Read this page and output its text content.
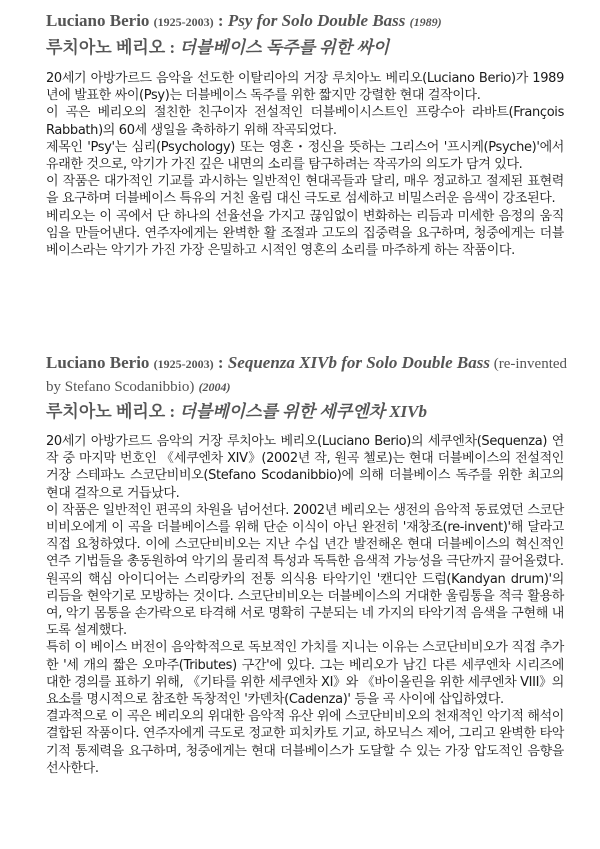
Luciano Berio (1925-2003) : Psy for Solo Double Bass (1989)
루치아노 베리오 : 더블베이스 독주를 위한 싸이

20세기 아방가르드 음악을 선도한 이탈리아의 거장 루치아노 베리오(Luciano Berio)가 1989년에 발표한 싸이(Psy)는 더블베이스 독주를 위한 짧지만 강렬한 현대 걸작이다.

이 곡은 베리오의 절친한 친구이자 전설적인 더블베이시스트인 프랑수아 라바트(François Rabbath)의 60세 생일을 축하하기 위해 작곡되었다.

제목인 'Psy'는 심리(Psychology) 또는 영혼・정신을 뜻하는 그리스어 '프시케(Psyche)'에서 유래한 것으로, 악기가 가진 깊은 내면의 소리를 탐구하려는 작곡가의 의도가 담겨 있다.

이 작품은 대가적인 기교를 과시하는 일반적인 현대곡들과 달리, 매우 정교하고 절제된 표현력을 요구하며 더블베이스 특유의 거친 울림 대신 극도로 섬세하고 비밀스러운 음색이 강조된다.

베리오는 이 곡에서 단 하나의 선율선을 가지고 끊임없이 변화하는 리듬과 미세한 음정의 움직임을 만들어낸다. 연주자에게는 완벽한 활 조절과 고도의 집중력을 요구하며, 청중에게는 더블베이스라는 악기가 가진 가장 은밀하고 시적인 영혼의 소리를 마주하게 하는 작품이다.

Luciano Berio (1925-2003) : Sequenza XIVb for Solo Double Bass (re-invented by Stefano Scodanibbio) (2004)
루치아노 베리오 : 더블베이스를 위한 세쿠엔차 XIVb

20세기 아방가르드 음악의 거장 루치아노 베리오(Luciano Berio)의 세쿠엔차(Sequenza) 연작 중 마지막 번호인 《세쿠엔차 XIV》(2002년 작, 원곡 첼로)는 현대 더블베이스의 전설적인 거장 스테파노 스코단비비오(Stefano Scodanibbio)에 의해 더블베이스 독주를 위한 최고의 현대 걸작으로 거듭났다.

이 작품은 일반적인 편곡의 차원을 넘어선다. 2002년 베리오는 생전의 음악적 동료였던 스코단비비오에게 이 곡을 더블베이스를 위해 단순 이식이 아닌 완전히 '재창조(re-invent)'해 달라고 직접 요청하였다. 이에 스코단비비오는 지난 수십 년간 발전해온 현대 더블베이스의 혁신적인 연주 기법들을 총동원하여 악기의 물리적 특성과 독특한 음색적 가능성을 극단까지 끌어올렸다.

원곡의 핵심 아이디어는 스리랑카의 전통 의식용 타악기인 '캔디안 드럼(Kandyan drum)'의 리듬을 현악기로 모방하는 것이다. 스코단비비오는 더블베이스의 거대한 울림통을 적극 활용하여, 악기 몸통을 손가락으로 타격해 서로 명확히 구분되는 네 가지의 타악기적 음색을 구현해 내도록 설계했다.

특히 이 베이스 버전이 음악학적으로 독보적인 가치를 지니는 이유는 스코단비비오가 직접 추가한 '세 개의 짧은 오마주(Tributes) 구간'에 있다. 그는 베리오가 남긴 다른 세쿠엔차 시리즈에 대한 경의를 표하기 위해, 《기타를 위한 세쿠엔차 XI》와 《바이올린을 위한 세쿠엔차 VIII》의 요소를 명시적으로 참조한 독창적인 '카덴차(Cadenza)' 등을 곡 사이에 삽입하였다.

결과적으로 이 곡은 베리오의 위대한 음악적 유산 위에 스코단비비오의 천재적인 악기적 해석이 결합된 작품이다. 연주자에게 극도로 정교한 피치카토 기교, 하모닉스 제어, 그리고 완벽한 타악기적 통제력을 요구하며, 청중에게는 현대 더블베이스가 도달할 수 있는 가장 압도적인 음향을 선사한다.
